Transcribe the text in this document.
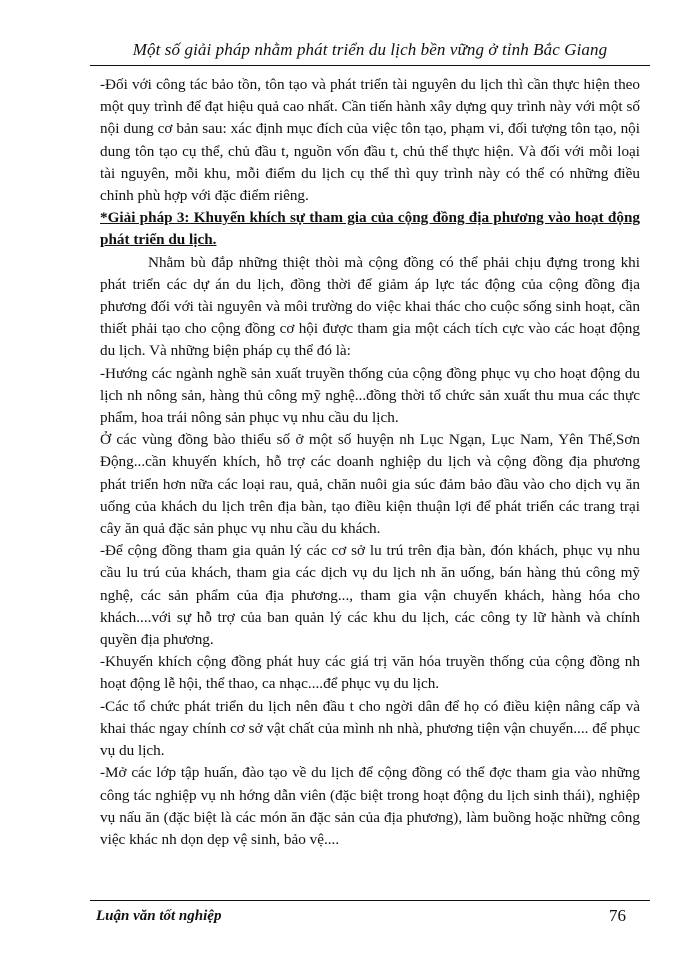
Một số giải pháp nhằm phát triển du lịch bền vững ở tỉnh Bắc Giang

-Đối với công tác bảo tồn, tôn tạo và phát triển tài nguyên du lịch thì cần thực hiện theo một quy trình để đạt hiệu quả cao nhất. Cần tiến hành xây dựng quy trình này với một số nội dung cơ bản sau: xác định mục đích của việc tôn tạo, phạm vi, đối tượng tôn tạo, nội dung tôn tạo cụ thể, chủ đầu t, nguồn vốn đầu t, chủ thể thực hiện. Và đối với mỗi loại tài nguyên, mỗi khu, mỗi điểm du lịch cụ thể thì quy trình này có thể có những điều chỉnh phù hợp với đặc điểm riêng.

*Giải pháp 3: Khuyến khích sự tham gia của cộng đồng địa phương vào hoạt động phát triển du lịch.

Nhằm bù đắp những thiệt thòi mà cộng đồng có thể phải chịu đựng trong khi phát triển các dự án du lịch, đồng thời để giảm áp lực tác động của cộng đồng địa phương đối với tài nguyên và môi trường do việc khai thác cho cuộc sống sinh hoạt, cần thiết phải tạo cho cộng đồng cơ hội được tham gia một cách tích cực vào các hoạt động du lịch. Và những biện pháp cụ thể đó là:

-Hướng các ngành nghề sản xuất truyền thống của cộng đồng phục vụ cho hoạt động du lịch nh nông sản, hàng thủ công mỹ nghệ...đồng thời tổ chức sản xuất thu mua các thực phẩm, hoa trái nông sản phục vụ nhu cầu du lịch.

Ở các vùng đồng bào thiểu số ở một số huyện nh Lục Ngạn, Lục Nam, Yên Thế,Sơn Động...cần khuyến khích, hỗ trợ các doanh nghiệp du lịch và cộng đồng địa phương phát triển hơn nữa các loại rau, quả, chăn nuôi gia súc đảm bảo đầu vào cho dịch vụ ăn uống của khách du lịch trên địa bàn, tạo điều kiện thuận lợi để phát triển các trang trại cây ăn quả đặc sản phục vụ nhu cầu du khách.

-Để cộng đồng tham gia quản lý các cơ sở lu trú trên địa bàn, đón khách, phục vụ nhu cầu lu trú của khách, tham gia các dịch vụ du lịch nh ăn uống, bán hàng thủ công mỹ nghệ, các sản phẩm của địa phương..., tham gia vận chuyển khách, hàng hóa cho khách....với sự hỗ trợ của ban quản lý các khu du lịch, các công ty lữ hành và chính quyền địa phương.

-Khuyến khích cộng đồng phát huy các giá trị văn hóa truyền thống của cộng đồng nh hoạt động lễ hội, thể thao, ca nhạc....để phục vụ du lịch.

-Các tổ chức phát triển du lịch nên đầu t cho ngời dân để họ có điều kiện nâng cấp và khai thác ngay chính cơ sở vật chất của mình nh nhà, phương tiện vận chuyển.... để phục vụ du lịch.

-Mở các lớp tập huấn, đào tạo về du lịch để cộng đồng có thể đợc tham gia vào những công tác nghiệp vụ nh hớng dẫn viên (đặc biệt trong hoạt động du lịch sinh thái), nghiệp vụ nấu ăn (đặc biệt là các món ăn đặc sản của địa phương), làm buồng hoặc những công việc khác nh dọn dẹp vệ sinh, bảo vệ....

Luận văn tốt nghiệp	76
